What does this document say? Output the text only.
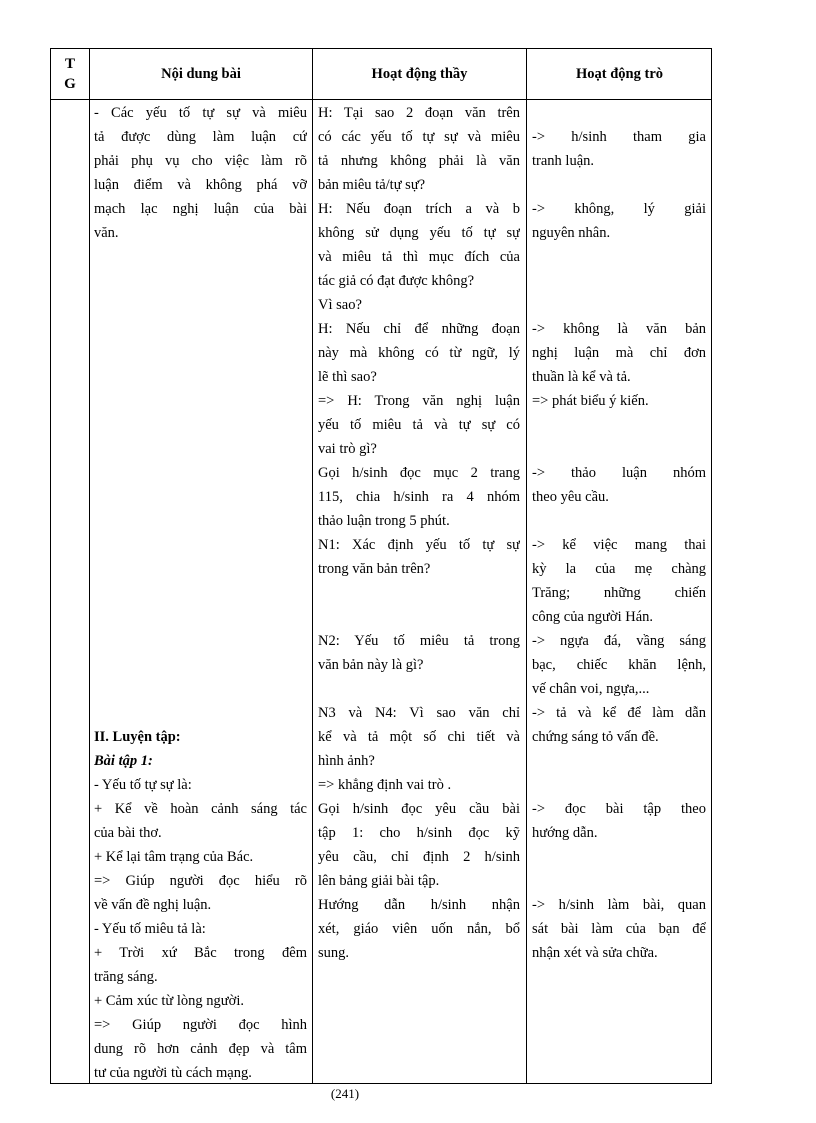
T
G
Nội dung bài	Hoạt động thầy	Hoạt động trò
- Các yếu tố tự sự và miêu
tả được dùng làm luận cứ
phải phụ vụ cho việc làm rõ
luận điểm và không phá vỡ
mạch lạc nghị luận của bài
văn.

II. Luyện tập:
Bài tập 1:
- Yếu tố tự sự là:
+ Kể về hoàn cảnh sáng tác
của bài thơ.
+ Kể lại tâm trạng của Bác.
=> Giúp người đọc hiểu rõ
về vấn đề nghị luận.
- Yếu tố miêu tả là:
+ Trời xứ Bắc trong đêm
trăng sáng.
+ Cảm xúc từ lòng người.
=> Giúp người đọc hình
dung rõ hơn cảnh đẹp và tâm
tư của người tù cách mạng.
H: Tại sao 2 đoạn văn trên
có các yếu tố tự sự và miêu
tả nhưng không phải là văn
bản miêu tả/tự sự?
H: Nếu đoạn trích a và b
không sử dụng yếu tố tự sự
và miêu tả thì mục đích của
tác giả có đạt được không?
Vì sao?
H: Nếu chỉ để những đoạn
này mà không có từ ngữ, lý
lẽ thì sao?
=> H: Trong văn nghị luận
yếu tố miêu tả và tự sự có
vai trò gì?
Gọi h/sinh đọc mục 2 trang
115, chia h/sinh ra 4 nhóm
thảo luận trong 5 phút.
N1: Xác định yếu tố tự sự
trong văn bản trên?

N2: Yếu tố miêu tả trong
văn bản này là gì?

N3 và N4: Vì sao văn chỉ
kể và tả một số chi tiết và
hình ảnh?
=> khẳng định vai trò .
Gọi h/sinh đọc yêu cầu bài
tập 1: cho h/sinh đọc kỹ
yêu cầu, chỉ định 2 h/sinh
lên bảng giải bài tập.
Hướng dẫn h/sinh nhận
xét, giáo viên uốn nắn, bổ
sung.

-> h/sinh tham gia
tranh luận.

-> không, lý giải
nguyên nhân.

-> không là văn bản
nghị luận mà chỉ đơn
thuần là kể và tả.
=> phát biểu ý kiến.

-> thảo luận nhóm
theo yêu cầu.

-> kể việc mang thai
kỳ la của mẹ chàng
Trăng; những chiến
công của người Hán.
-> ngựa đá, vầng sáng
bạc, chiếc khăn lệnh,
vế chân voi, ngựa,...
-> tả và kể để làm dẫn
chứng sáng tỏ vấn đề.

-> đọc bài tập theo
hướng dẫn.

-> h/sinh làm bài, quan
sát bài làm của bạn để
nhận xét và sửa chữa.
(241)
